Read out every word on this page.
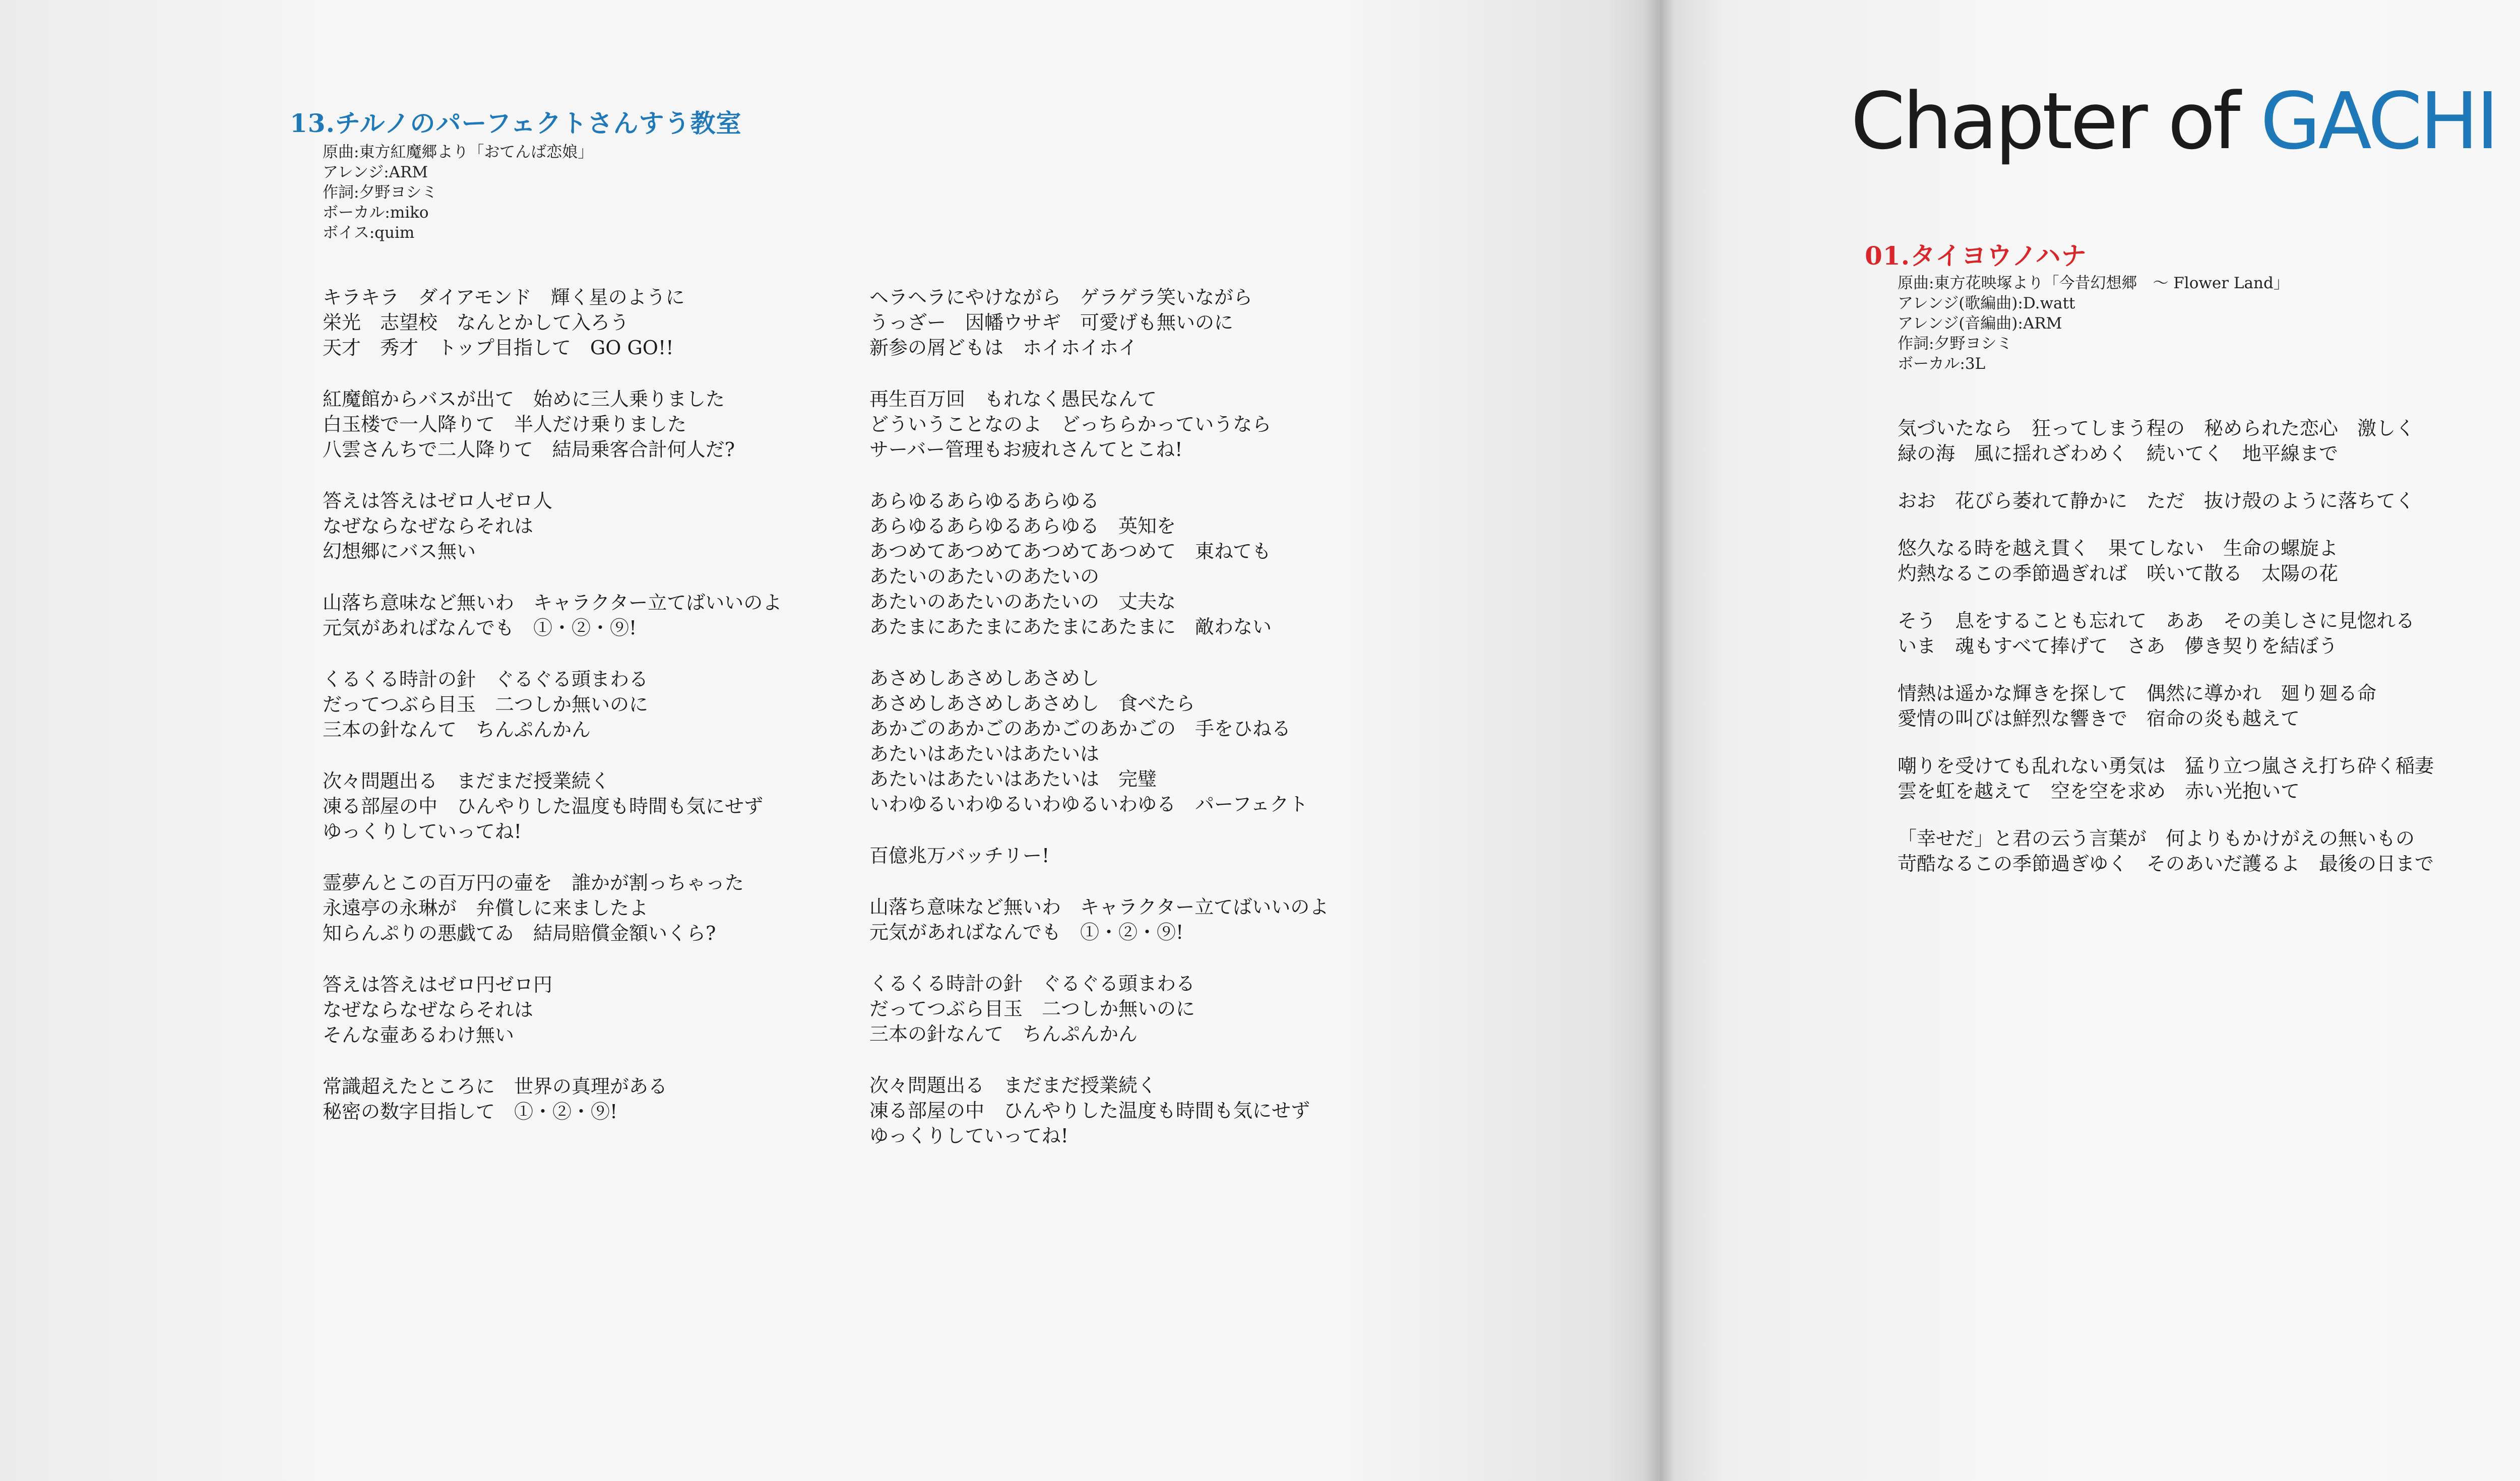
13.チルノのパーフェクトさんすう教室
原曲:東方紅魔郷より「おてんば恋娘」
アレンジ:ARM
作詞:夕野ヨシミ
ボーカル:miko
ボイス:quim
キラキラ　ダイアモンド　輝く星のように
栄光　志望校　なんとかして入ろう
天才　秀才　トップ目指して　GO GO!!
紅魔館からバスが出て　始めに三人乗りました
白玉楼で一人降りて　半人だけ乗りました
八雲さんちで二人降りて　結局乗客合計何人だ?
答えは答えはゼロ人ゼロ人
なぜならなぜならそれは
幻想郷にバス無い
山落ち意味など無いわ　キャラクター立てばいいのよ
元気があればなんでも　①・②・⑨!
くるくる時計の針　ぐるぐる頭まわる
だってつぶら目玉　二つしか無いのに
三本の針なんて　ちんぷんかん
次々問題出る　まだまだ授業続く
凍る部屋の中　ひんやりした温度も時間も気にせず
ゆっくりしていってね!
霊夢んとこの百万円の壷を　誰かが割っちゃった
永遠亭の永琳が　弁償しに来ましたよ
知らんぷりの悪戯てゐ　結局賠償金額いくら?
答えは答えはゼロ円ゼロ円
なぜならなぜならそれは
そんな壷あるわけ無い
常識超えたところに　世界の真理がある
秘密の数字目指して　①・②・⑨!
ヘラヘラにやけながら　ゲラゲラ笑いながら
うっざー　因幡ウサギ　可愛げも無いのに
新参の屑どもは　ホイホイホイ
再生百万回　もれなく愚民なんて
どういうことなのよ　どっちらかっていうなら
サーバー管理もお疲れさんてとこね!
あらゆるあらゆるあらゆる
あらゆるあらゆるあらゆる　英知を
あつめてあつめてあつめてあつめて　東ねても
あたいのあたいのあたいの
あたいのあたいのあたいの　丈夫な
あたまにあたまにあたまにあたまに　敵わない
あさめしあさめしあさめし
あさめしあさめしあさめし　食べたら
あかごのあかごのあかごのあかごの　手をひねる
あたいはあたいはあたいは
あたいはあたいはあたいは　完璧
いわゆるいわゆるいわゆるいわゆる　パーフェクト
百億兆万バッチリー!
山落ち意味など無いわ　キャラクター立てばいいのよ
元気があればなんでも　①・②・⑨!
くるくる時計の針　ぐるぐる頭まわる
だってつぶら目玉　二つしか無いのに
三本の針なんて　ちんぷんかん
次々問題出る　まだまだ授業続く
凍る部屋の中　ひんやりした温度も時間も気にせず
ゆっくりしていってね!
Chapter of GACHI
01.タイヨウノハナ
原曲:東方花映塚より「今昔幻想郷　～ Flower Land」
アレンジ(歌編曲):D.watt
アレンジ(音編曲):ARM
作詞:夕野ヨシミ
ボーカル:3L
気づいたなら　狂ってしまう程の　秘められた恋心　激しく
緑の海　風に揺れざわめく　続いてく　地平線まで
おお　花びら萎れて静かに　ただ　抜け殻のように落ちてく
悠久なる時を越え貫く　果てしない　生命の螺旋よ
灼熱なるこの季節過ぎれば　咲いて散る　太陽の花
そう　息をすることも忘れて　ああ　その美しさに見惚れる
いま　魂もすべて捧げて　さあ　儚き契りを結ぼう
情熱は遥かな輝きを探して　偶然に導かれ　廻り廻る命
愛情の叫びは鮮烈な響きで　宿命の炎も越えて
嘲りを受けても乱れない勇気は　猛り立つ嵐さえ打ち砕く稲妻
雲を虹を越えて　空を空を求め　赤い光抱いて
「幸せだ」と君の云う言葉が　何よりもかけがえの無いもの
苛酷なるこの季節過ぎゆく　そのあいだ護るよ　最後の日まで
